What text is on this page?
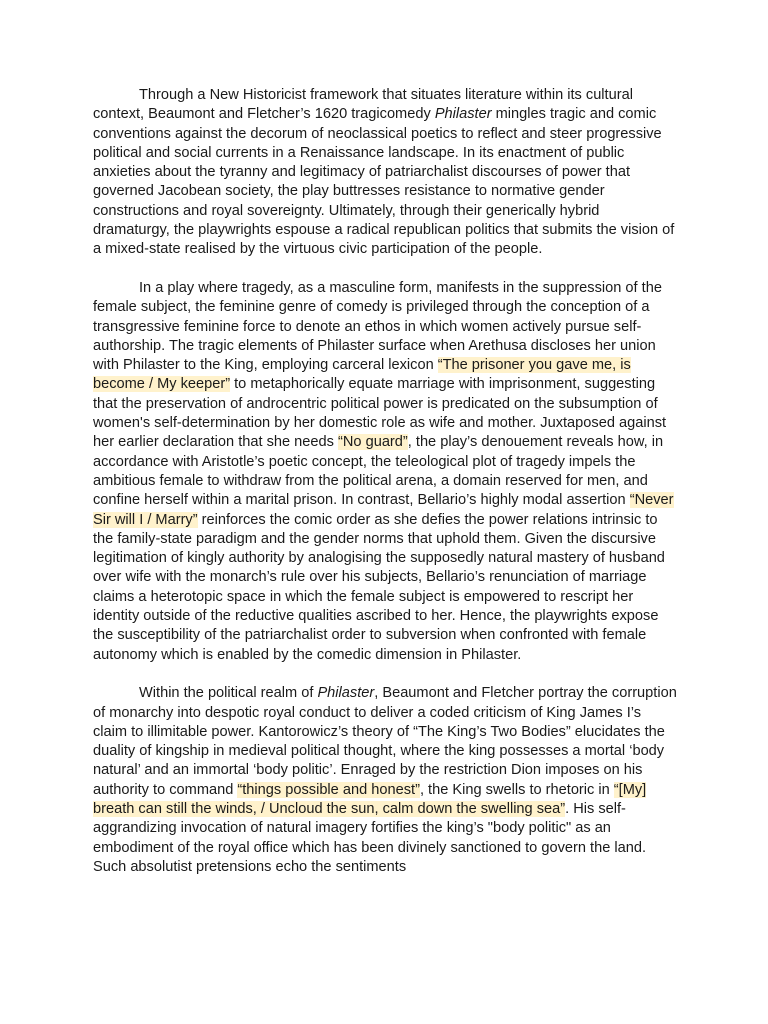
Through a New Historicist framework that situates literature within its cultural context, Beaumont and Fletcher’s 1620 tragicomedy Philaster mingles tragic and comic conventions against the decorum of neoclassical poetics to reflect and steer progressive political and social currents in a Renaissance landscape. In its enactment of public anxieties about the tyranny and legitimacy of patriarchalist discourses of power that governed Jacobean society, the play buttresses resistance to normative gender constructions and royal sovereignty. Ultimately, through their generically hybrid dramaturgy, the playwrights espouse a radical republican politics that submits the vision of a mixed-state realised by the virtuous civic participation of the people.

In a play where tragedy, as a masculine form, manifests in the suppression of the female subject, the feminine genre of comedy is privileged through the conception of a transgressive feminine force to denote an ethos in which women actively pursue self-authorship. The tragic elements of Philaster surface when Arethusa discloses her union with Philaster to the King, employing carceral lexicon “The prisoner you gave me, is become / My keeper” to metaphorically equate marriage with imprisonment, suggesting that the preservation of androcentric political power is predicated on the subsumption of women's self-determination by her domestic role as wife and mother. Juxtaposed against her earlier declaration that she needs “No guard”, the play’s denouement reveals how, in accordance with Aristotle’s poetic concept, the teleological plot of tragedy impels the ambitious female to withdraw from the political arena, a domain reserved for men, and confine herself within a marital prison. In contrast, Bellario’s highly modal assertion “Never Sir will I / Marry” reinforces the comic order as she defies the power relations intrinsic to the family-state paradigm and the gender norms that uphold them. Given the discursive legitimation of kingly authority by analogising the supposedly natural mastery of husband over wife with the monarch’s rule over his subjects, Bellario’s renunciation of marriage claims a heterotopic space in which the female subject is empowered to rescript her identity outside of the reductive qualities ascribed to her. Hence, the playwrights expose the susceptibility of the patriarchalist order to subversion when confronted with female autonomy which is enabled by the comedic dimension in Philaster.

Within the political realm of Philaster, Beaumont and Fletcher portray the corruption of monarchy into despotic royal conduct to deliver a coded criticism of King James I’s claim to illimitable power. Kantorowicz’s theory of “The King’s Two Bodies” elucidates the duality of kingship in medieval political thought, where the king possesses a mortal ‘body natural’ and an immortal ‘body politic’. Enraged by the restriction Dion imposes on his authority to command “things possible and honest”, the King swells to rhetoric in “[My] breath can still the winds, / Uncloud the sun, calm down the swelling sea”. His self-aggrandizing invocation of natural imagery fortifies the king’s "body politic" as an embodiment of the royal office which has been divinely sanctioned to govern the land. Such absolutist pretensions echo the sentiments
